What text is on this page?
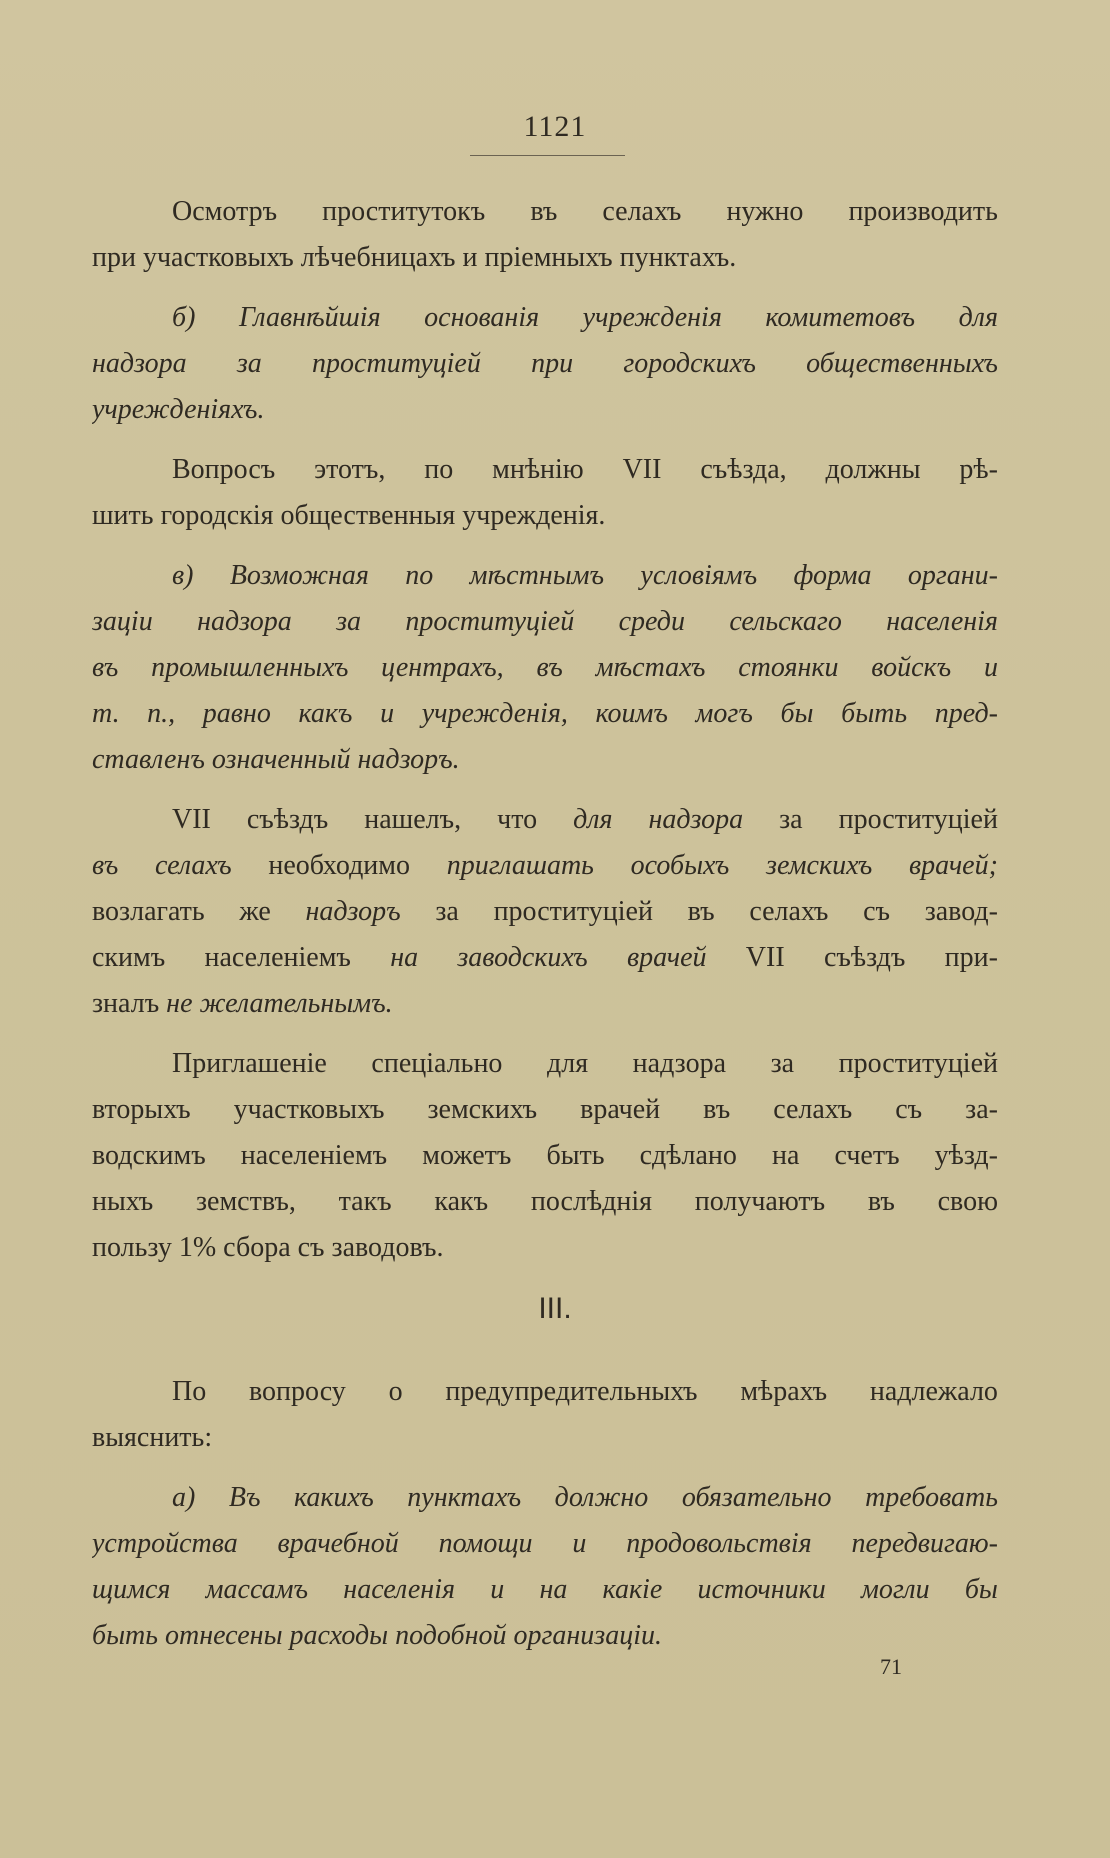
1121
Осмотръ проститутокъ въ селахъ нужно производить
при участковыхъ лѣчебницахъ и пріемныхъ пунктахъ.
б) Главнѣйшія основанія учрежденія комитетовъ для
надзора за проституціей при городскихъ общественныхъ
учрежденіяхъ.
Вопросъ этотъ, по мнѣнію VII съѣзда, должны рѣ-
шить городскія общественныя учрежденія.
в) Возможная по мѣстнымъ условіямъ форма органи-
заціи надзора за проституціей среди сельскаго населенія
въ промышленныхъ центрахъ, въ мѣстахъ стоянки войскъ и
т. п., равно какъ и учрежденія, коимъ могъ бы быть пред-
ставленъ означенный надзоръ.
VII съѣздъ нашелъ, что для надзора за проституціей
въ селахъ необходимо приглашать особыхъ земскихъ врачей;
возлагать же надзоръ за проституціей въ селахъ съ завод-
скимъ населеніемъ на заводскихъ врачей VII съѣздъ при-
зналъ не желательнымъ.
Приглашеніе спеціально для надзора за проституціей
вторыхъ участковыхъ земскихъ врачей въ селахъ съ за-
водскимъ населеніемъ можетъ быть сдѣлано на счетъ уѣзд-
ныхъ земствъ, такъ какъ послѣднія получаютъ въ свою
пользу 1% сбора съ заводовъ.
По вопросу о предупредительныхъ мѣрахъ надлежало
выяснить:
а) Въ какихъ пунктахъ должно обязательно требовать
устройства врачебной помощи и продовольствія передвигаю-
щимся массамъ населенія и на какіе источники могли бы
быть отнесены расходы подобной организаціи.
III.
71
